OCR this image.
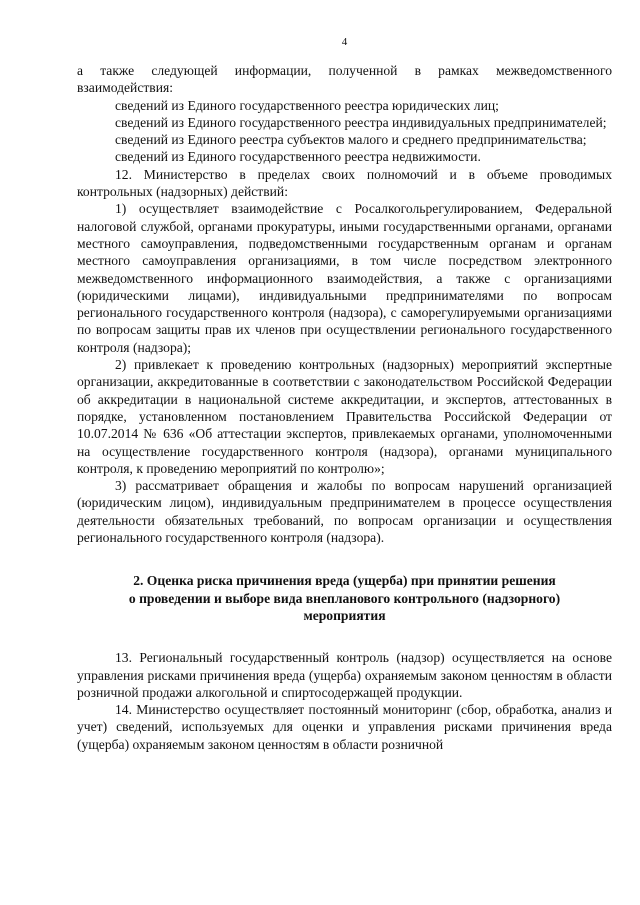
4

а также следующей информации, полученной в рамках межведомственного взаимодействия:

сведений из Единого государственного реестра юридических лиц;

сведений из Единого государственного реестра индивидуальных предпринимателей;

сведений из Единого реестра субъектов малого и среднего предпринимательства;

сведений из Единого государственного реестра недвижимости.

12. Министерство в пределах своих полномочий и в объеме проводимых контрольных (надзорных) действий:

1) осуществляет взаимодействие с Росалкогольрегулированием, Федеральной налоговой службой, органами прокуратуры, иными государственными органами, органами местного самоуправления, подведомственными государственным органам и органам местного самоуправления организациями, в том числе посредством электронного межведомственного информационного взаимодействия, а также с организациями (юридическими лицами), индивидуальными предпринимателями по вопросам регионального государственного контроля (надзора), с саморегулируемыми организациями по вопросам защиты прав их членов при осуществлении регионального государственного контроля (надзора);

2) привлекает к проведению контрольных (надзорных) мероприятий экспертные организации, аккредитованные в соответствии с законодательством Российской Федерации об аккредитации в национальной системе аккредитации, и экспертов, аттестованных в порядке, установленном постановлением Правительства Российской Федерации от 10.07.2014 № 636 «Об аттестации экспертов, привлекаемых органами, уполномоченными на осуществление государственного контроля (надзора), органами муниципального контроля, к проведению мероприятий по контролю»;

3) рассматривает обращения и жалобы по вопросам нарушений организацией (юридическим лицом), индивидуальным предпринимателем в процессе осуществления деятельности обязательных требований, по вопросам организации и осуществления регионального государственного контроля (надзора).

2. Оценка риска причинения вреда (ущерба) при принятии решения
о проведении и выборе вида внепланового контрольного (надзорного)
мероприятия

13. Региональный государственный контроль (надзор) осуществляется на основе управления рисками причинения вреда (ущерба) охраняемым законом ценностям в области розничной продажи алкогольной и спиртосодержащей продукции.

14. Министерство осуществляет постоянный мониторинг (сбор, обработка, анализ и учет) сведений, используемых для оценки и управления рисками причинения вреда (ущерба) охраняемым законом ценностям в области розничной
